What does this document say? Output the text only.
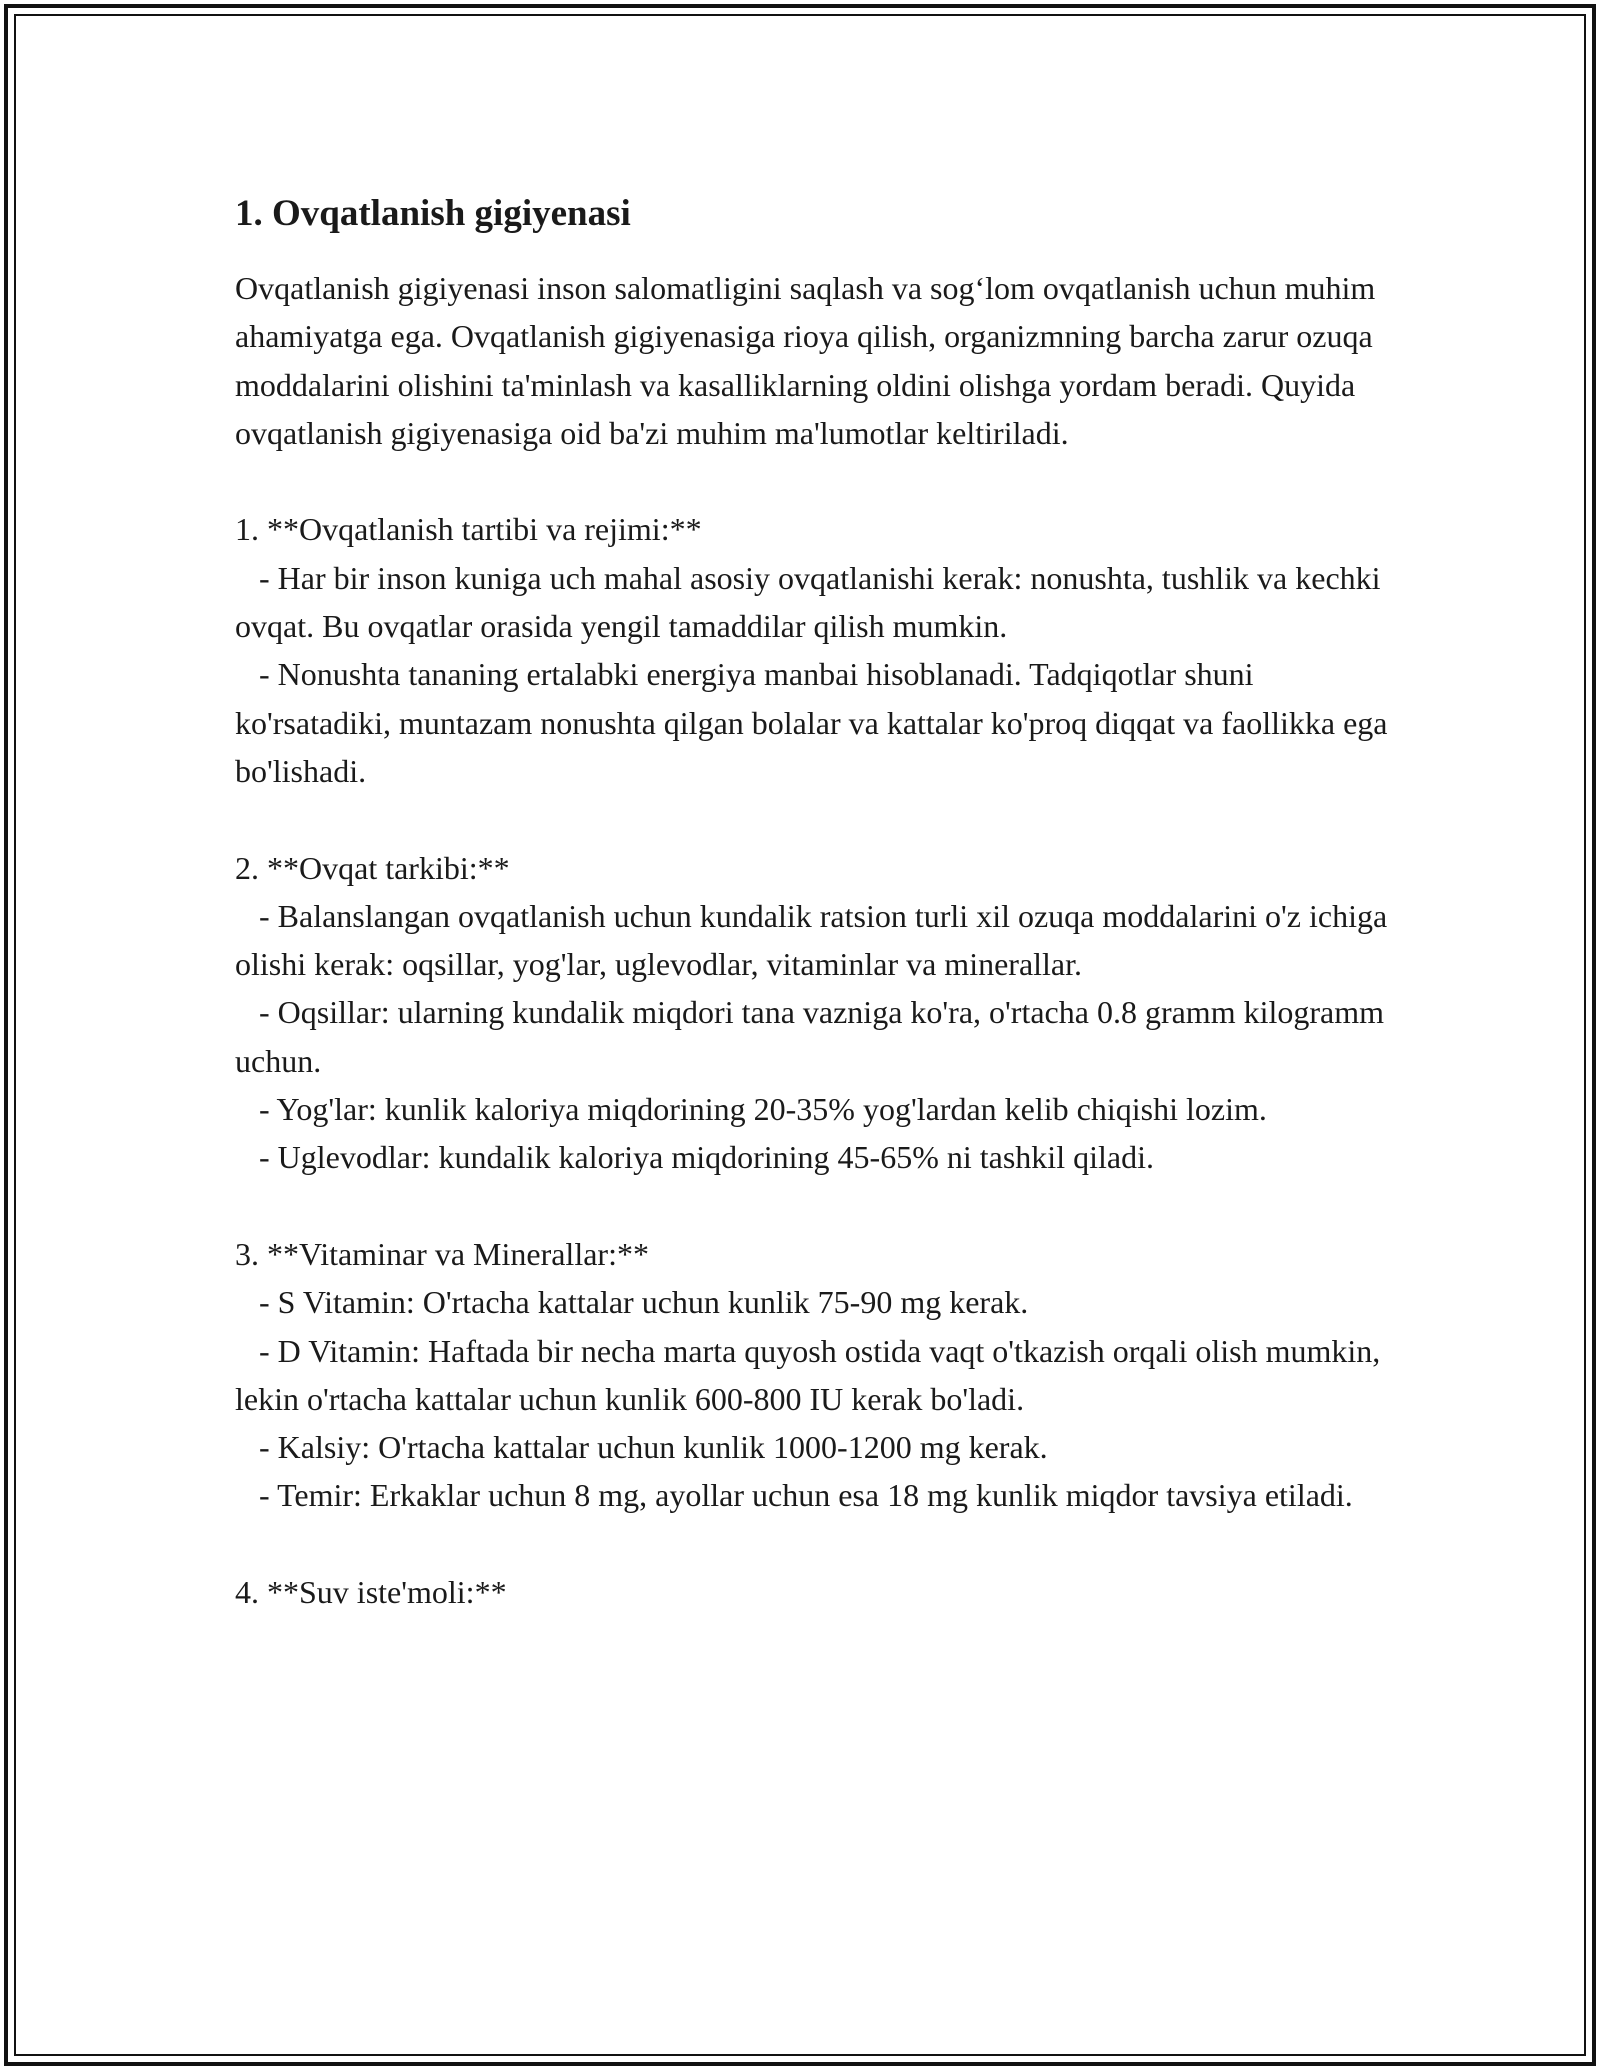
1. Ovqatlanish gigiyenasi

Ovqatlanish gigiyenasi inson salomatligini saqlash va sog‘lom ovqatlanish uchun muhim ahamiyatga ega. Ovqatlanish gigiyenasiga rioya qilish, organizmning barcha zarur ozuqa moddalarini olishini ta'minlash va kasalliklarning oldini olishga yordam beradi. Quyida ovqatlanish gigiyenasiga oid ba'zi muhim ma'lumotlar keltiriladi.

1. **Ovqatlanish tartibi va rejimi:**

- Har bir inson kuniga uch mahal asosiy ovqatlanishi kerak: nonushta, tushlik va kechki ovqat. Bu ovqatlar orasida yengil tamaddilar qilish mumkin.

- Nonushta tananing ertalabki energiya manbai hisoblanadi. Tadqiqotlar shuni ko'rsatadiki, muntazam nonushta qilgan bolalar va kattalar ko'proq diqqat va faollikka ega bo'lishadi.

2. **Ovqat tarkibi:**

- Balanslangan ovqatlanish uchun kundalik ratsion turli xil ozuqa moddalarini o'z ichiga olishi kerak: oqsillar, yog'lar, uglevodlar, vitaminlar va minerallar.

- Oqsillar: ularning kundalik miqdori tana vazniga ko'ra, o'rtacha 0.8 gramm kilogramm uchun.

- Yog'lar: kunlik kaloriya miqdorining 20-35% yog'lardan kelib chiqishi lozim.

- Uglevodlar: kundalik kaloriya miqdorining 45-65% ni tashkil qiladi.

3. **Vitaminar va Minerallar:**

- S Vitamin: O'rtacha kattalar uchun kunlik 75-90 mg kerak.

- D Vitamin: Haftada bir necha marta quyosh ostida vaqt o'tkazish orqali olish mumkin, lekin o'rtacha kattalar uchun kunlik 600-800 IU kerak bo'ladi.

- Kalsiy: O'rtacha kattalar uchun kunlik 1000-1200 mg kerak.

- Temir: Erkaklar uchun 8 mg, ayollar uchun esa 18 mg kunlik miqdor tavsiya etiladi.

4. **Suv iste'moli:**
